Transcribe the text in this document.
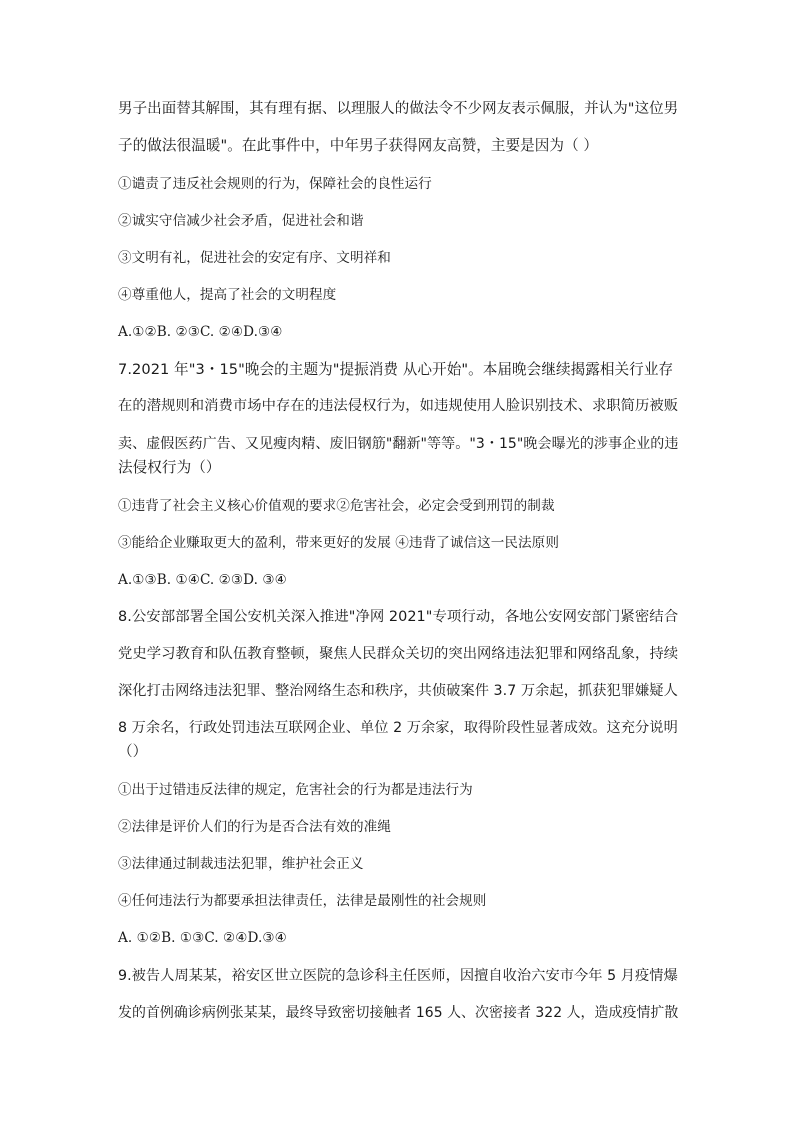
男子出面替其解围，其有理有据、以理服人的做法令不少网友表示佩服，并认为"这位男
子的做法很温暖"。在此事件中，中年男子获得网友高赞，主要是因为（ ）
①谴责了违反社会规则的行为，保障社会的良性运行
②诚实守信减少社会矛盾，促进社会和谐
③文明有礼，促进社会的安定有序、文明祥和
④尊重他人，提高了社会的文明程度
A.①②B. ②③C. ②④D.③④
7.2021 年"3・15"晚会的主题为"提振消费 从心开始"。本届晚会继续揭露相关行业存
在的潜规则和消费市场中存在的违法侵权行为，如违规使用人脸识别技术、求职简历被贩
卖、虚假医药广告、又见瘦肉精、废旧钢筋"翻新"等等。"3・15"晚会曝光的涉事企业的违
法侵权行为（）
①违背了社会主义核心价值观的要求②危害社会，必定会受到刑罚的制裁
③能给企业赚取更大的盈利，带来更好的发展 ④违背了诚信这一民法原则
A.①③B. ①④C. ②③D. ③④
8.公安部部署全国公安机关深入推进"净网 2021"专项行动，各地公安网安部门紧密结合
党史学习教育和队伍教育整顿，聚焦人民群众关切的突出网络违法犯罪和网络乱象，持续
深化打击网络违法犯罪、整治网络生态和秩序，共侦破案件 3.7 万余起，抓获犯罪嫌疑人
8 万余名，行政处罚违法互联网企业、单位 2 万余家，取得阶段性显著成效。这充分说明
（）
①出于过错违反法律的规定，危害社会的行为都是违法行为
②法律是评价人们的行为是否合法有效的准绳
③法律通过制裁违法犯罪，维护社会正义
④任何违法行为都要承担法律责任，法律是最刚性的社会规则
A. ①②B. ①③C. ②④D.③④
9.被告人周某某，裕安区世立医院的急诊科主任医师，因擅自收治六安市今年 5 月疫情爆
发的首例确诊病例张某某，最终导致密切接触者 165 人、次密接者 322 人，造成疫情扩散
